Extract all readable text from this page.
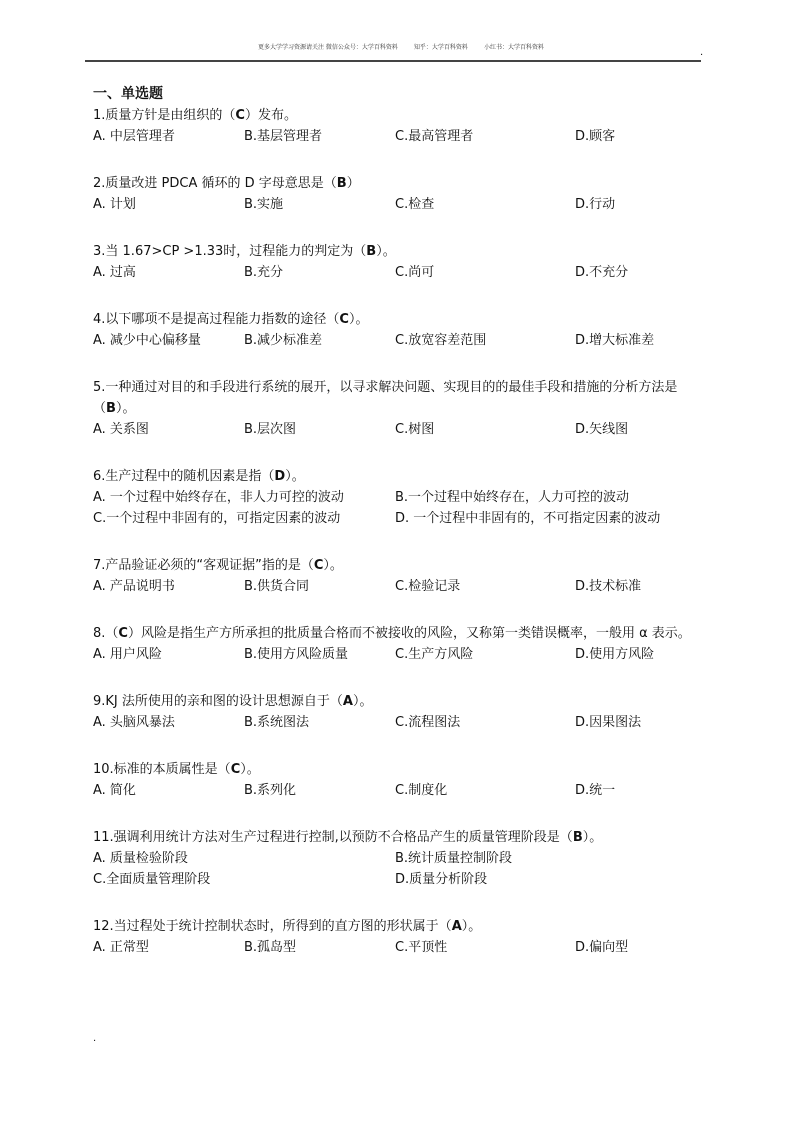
更多大学学习资源请关注 微信公众号：大学百科资料	知乎：大学百科资料	小红书：大学百科资料	.
一、单选题
1.质量方针是由组织的（C）发布。
A. 中层管理者	B.基层管理者	C.最高管理者	D.顾客
2.质量改进 PDCA 循环的 D 字母意思是（B）
A. 计划	B.实施	C.检查	D.行动
3.当 1.67>CP >1.33时，过程能力的判定为（B）。
A. 过高	B.充分	C.尚可	D.不充分
4.以下哪项不是提高过程能力指数的途径（C）。
A. 减少中心偏移量	B.减少标准差	C.放宽容差范围	D.增大标准差
5.一种通过对目的和手段进行系统的展开，以寻求解决问题、实现目的的最佳手段和措施的分析方法是（B）。
A. 关系图	B.层次图	C.树图	D.矢线图
6.生产过程中的随机因素是指（D）。
A. 一个过程中始终存在，非人力可控的波动	B.一个过程中始终存在，人力可控的波动
C.一个过程中非固有的，可指定因素的波动	D. 一个过程中非固有的，不可指定因素的波动
7.产品验证必须的“客观证据”指的是（C）。
A. 产品说明书	B.供货合同	C.检验记录	D.技术标准
8.（C）风险是指生产方所承担的批质量合格而不被接收的风险，又称第一类错误概率，一般用 α 表示。
A. 用户风险	B.使用方风险质量	C.生产方风险	D.使用方风险
9.KJ 法所使用的亲和图的设计思想源自于（A）。
A. 头脑风暴法	B.系统图法	C.流程图法	D.因果图法
10.标准的本质属性是（C）。
A. 简化	B.系列化	C.制度化	D.统一
11.强调利用统计方法对生产过程进行控制,以预防不合格品产生的质量管理阶段是（B）。
A. 质量检验阶段	B.统计质量控制阶段
C.全面质量管理阶段	D.质量分析阶段
12.当过程处于统计控制状态时，所得到的直方图的形状属于（A）。
A. 正常型	B.孤岛型	C.平顶性	D.偏向型
.
